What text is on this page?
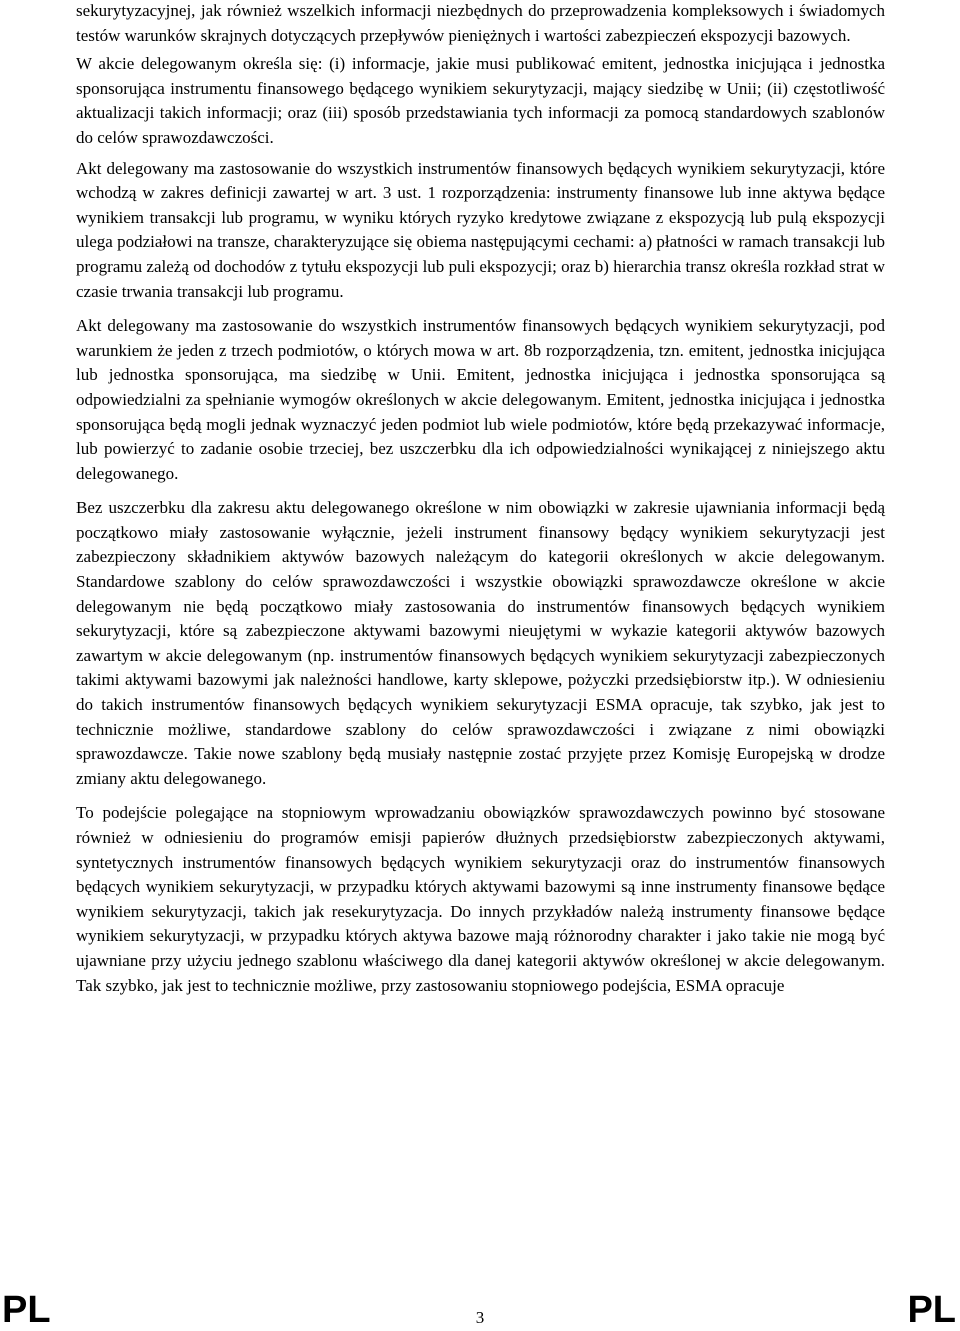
sekurytyzacyjnej, jak również wszelkich informacji niezbędnych do przeprowadzenia kompleksowych i świadomych testów warunków skrajnych dotyczących przepływów pieniężnych i wartości zabezpieczeń ekspozycji bazowych.

W akcie delegowanym określa się: (i) informacje, jakie musi publikować emitent, jednostka inicjująca i jednostka sponsorująca instrumentu finansowego będącego wynikiem sekurytyzacji, mający siedzibę w Unii; (ii) częstotliwość aktualizacji takich informacji; oraz (iii) sposób przedstawiania tych informacji za pomocą standardowych szablonów do celów sprawozdawczości.

Akt delegowany ma zastosowanie do wszystkich instrumentów finansowych będących wynikiem sekurytyzacji, które wchodzą w zakres definicji zawartej w art. 3 ust. 1 rozporządzenia: instrumenty finansowe lub inne aktywa będące wynikiem transakcji lub programu, w wyniku których ryzyko kredytowe związane z ekspozycją lub pulą ekspozycji ulega podziałowi na transze, charakteryzujące się obiema następującymi cechami: a) płatności w ramach transakcji lub programu zależą od dochodów z tytułu ekspozycji lub puli ekspozycji; oraz b) hierarchia transz określa rozkład strat w czasie trwania transakcji lub programu.

Akt delegowany ma zastosowanie do wszystkich instrumentów finansowych będących wynikiem sekurytyzacji, pod warunkiem że jeden z trzech podmiotów, o których mowa w art. 8b rozporządzenia, tzn. emitent, jednostka inicjująca lub jednostka sponsorująca, ma siedzibę w Unii. Emitent, jednostka inicjująca i jednostka sponsorująca są odpowiedzialni za spełnianie wymogów określonych w akcie delegowanym. Emitent, jednostka inicjująca i jednostka sponsorująca będą mogli jednak wyznaczyć jeden podmiot lub wiele podmiotów, które będą przekazywać informacje, lub powierzyć to zadanie osobie trzeciej, bez uszczerbku dla ich odpowiedzialności wynikającej z niniejszego aktu delegowanego.

Bez uszczerbku dla zakresu aktu delegowanego określone w nim obowiązki w zakresie ujawniania informacji będą początkowo miały zastosowanie wyłącznie, jeżeli instrument finansowy będący wynikiem sekurytyzacji jest zabezpieczony składnikiem aktywów bazowych należącym do kategorii określonych w akcie delegowanym. Standardowe szablony do celów sprawozdawczości i wszystkie obowiązki sprawozdawcze określone w akcie delegowanym nie będą początkowo miały zastosowania do instrumentów finansowych będących wynikiem sekurytyzacji, które są zabezpieczone aktywami bazowymi nieujętymi w wykazie kategorii aktywów bazowych zawartym w akcie delegowanym (np. instrumentów finansowych będących wynikiem sekurytyzacji zabezpieczonych takimi aktywami bazowymi jak należności handlowe, karty sklepowe, pożyczki przedsiębiorstw itp.). W odniesieniu do takich instrumentów finansowych będących wynikiem sekurytyzacji ESMA opracuje, tak szybko, jak jest to technicznie możliwe, standardowe szablony do celów sprawozdawczości i związane z nimi obowiązki sprawozdawcze. Takie nowe szablony będą musiały następnie zostać przyjęte przez Komisję Europejską w drodze zmiany aktu delegowanego.

To podejście polegające na stopniowym wprowadzaniu obowiązków sprawozdawczych powinno być stosowane również w odniesieniu do programów emisji papierów dłużnych przedsiębiorstw zabezpieczonych aktywami, syntetycznych instrumentów finansowych będących wynikiem sekurytyzacji oraz do instrumentów finansowych będących wynikiem sekurytyzacji, w przypadku których aktywami bazowymi są inne instrumenty finansowe będące wynikiem sekurytyzacji, takich jak resekurytyzacja. Do innych przykładów należą instrumenty finansowe będące wynikiem sekurytyzacji, w przypadku których aktywa bazowe mają różnorodny charakter i jako takie nie mogą być ujawniane przy użyciu jednego szablonu właściwego dla danej kategorii aktywów określonej w akcie delegowanym. Tak szybko, jak jest to technicznie możliwe, przy zastosowaniu stopniowego podejścia, ESMA opracuje

PL	3	PL
